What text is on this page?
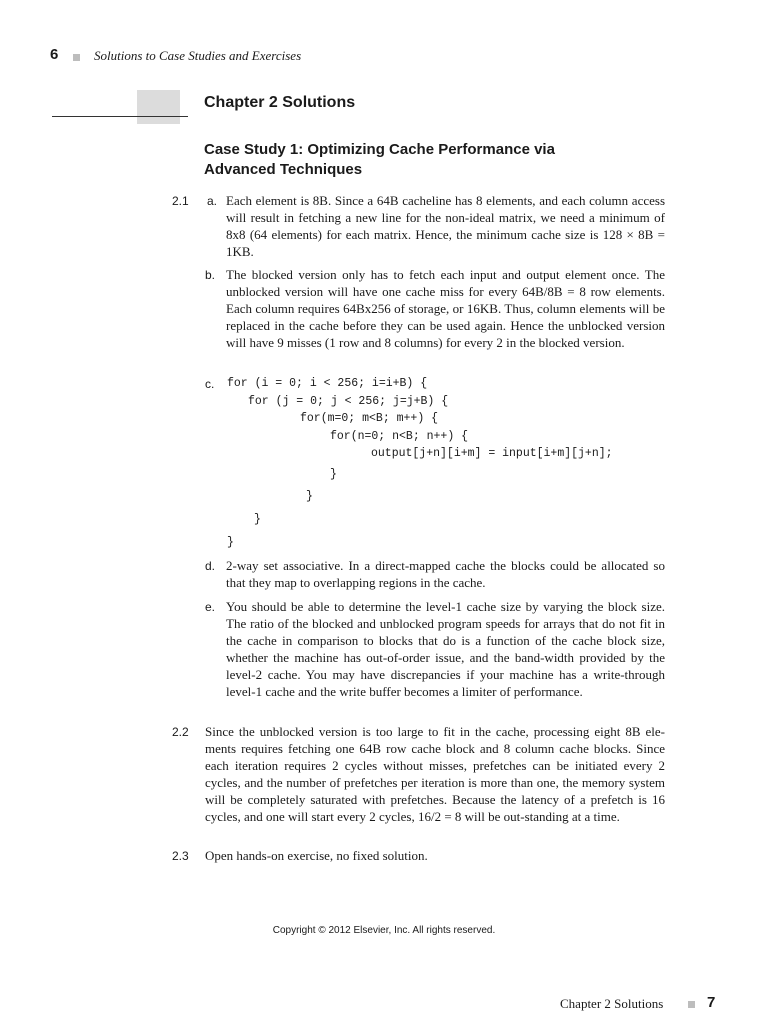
6	Solutions to Case Studies and Exercises
Chapter 2 Solutions
Case Study 1: Optimizing Cache Performance via
Advanced Techniques
2.1 a. Each element is 8B. Since a 64B cacheline has 8 elements, and each column access will result in fetching a new line for the non-ideal matrix, we need a minimum of 8x8 (64 elements) for each matrix. Hence, the minimum cache size is 128 × 8B = 1KB.
b. The blocked version only has to fetch each input and output element once. The unblocked version will have one cache miss for every 64B/8B = 8 row elements. Each column requires 64Bx256 of storage, or 16KB. Thus, column elements will be replaced in the cache before they can be used again. Hence the unblocked version will have 9 misses (1 row and 8 columns) for every 2 in the blocked version.
c. for (i = 0; i < 256; i=i+B) {
for (j = 0; j < 256; j=j+B) {
for(m=0; m<B; m++) {
for(n=0; n<B; n++) {
output[j+n][i+m] = input[i+m][j+n];
}
}
}
}
d. 2-way set associative. In a direct-mapped cache the blocks could be allocated so that they map to overlapping regions in the cache.
e. You should be able to determine the level-1 cache size by varying the block size. The ratio of the blocked and unblocked program speeds for arrays that do not fit in the cache in comparison to blocks that do is a function of the cache block size, whether the machine has out-of-order issue, and the band-width provided by the level-2 cache. You may have discrepancies if your machine has a write-through level-1 cache and the write buffer becomes a limiter of performance.
2.2 Since the unblocked version is too large to fit in the cache, processing eight 8B ele-ments requires fetching one 64B row cache block and 8 column cache blocks. Since each iteration requires 2 cycles without misses, prefetches can be initiated every 2 cycles, and the number of prefetches per iteration is more than one, the memory system will be completely saturated with prefetches. Because the latency of a prefetch is 16 cycles, and one will start every 2 cycles, 16/2 = 8 will be out-standing at a time.
2.3 Open hands-on exercise, no fixed solution.
Copyright © 2012 Elsevier, Inc. All rights reserved.
Chapter 2 Solutions	7
